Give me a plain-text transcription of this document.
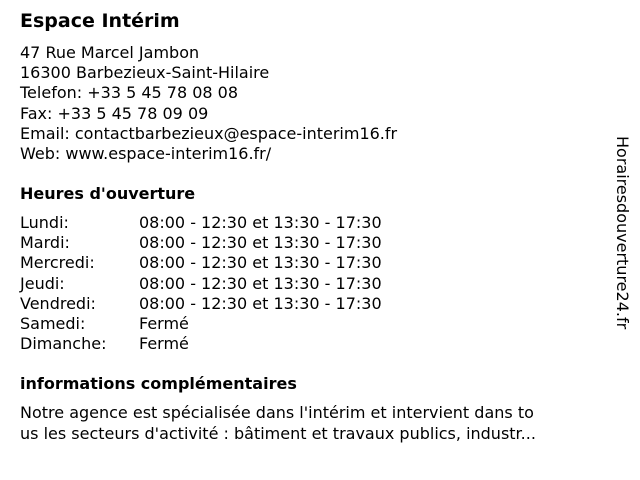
Espace Intérim
47 Rue Marcel Jambon
16300 Barbezieux-Saint-Hilaire
Telefon: +33 5 45 78 08 08
Fax: +33 5 45 78 09 09
Email: contactbarbezieux@espace-interim16.fr
Web: www.espace-interim16.fr/
Heures d'ouverture
Lundi:	08:00 - 12:30 et 13:30 - 17:30
Mardi:	08:00 - 12:30 et 13:30 - 17:30
Mercredi:	08:00 - 12:30 et 13:30 - 17:30
Jeudi:	08:00 - 12:30 et 13:30 - 17:30
Vendredi:	08:00 - 12:30 et 13:30 - 17:30
Samedi:	Fermé
Dimanche: Fermé
informations complémentaires
Notre agence est spécialisée dans l'intérim et intervient dans to
us les secteurs d'activité : bâtiment et travaux publics, industr...
Horairesdouverture24.fr
